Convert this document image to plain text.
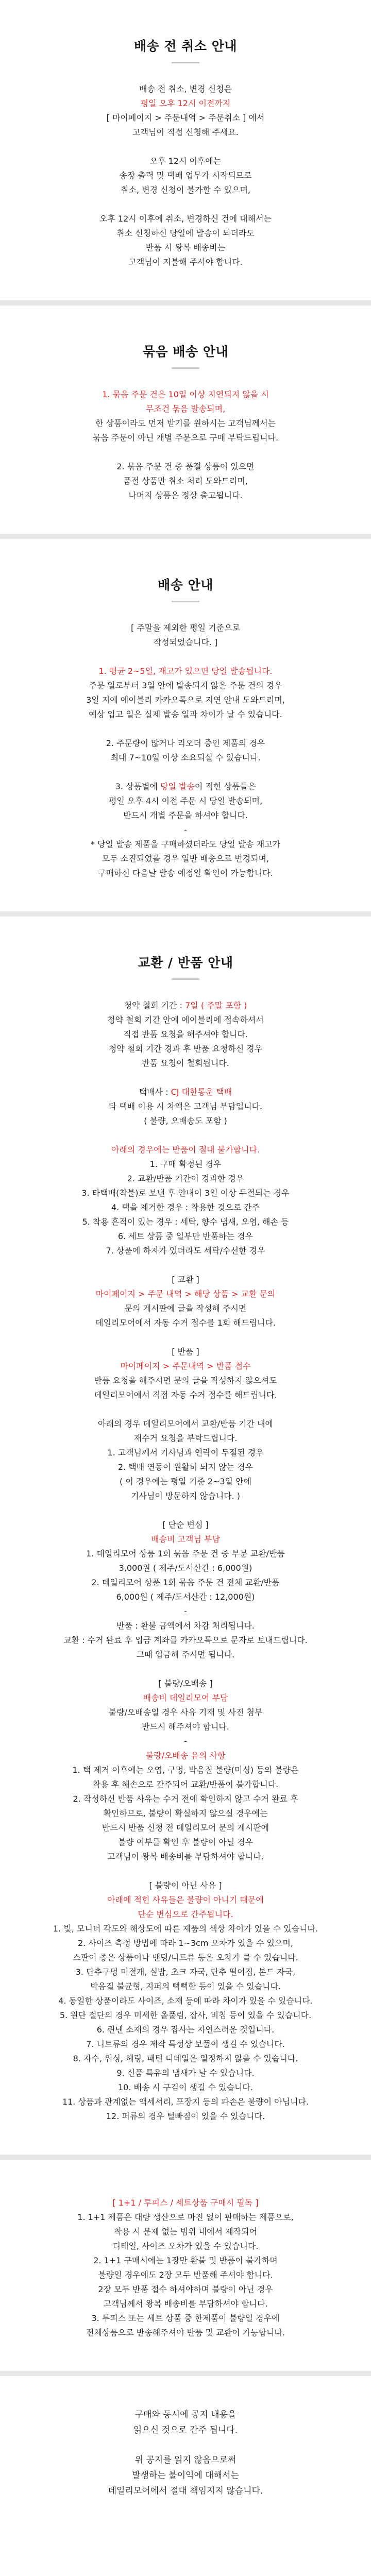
배송 전 취소 안내
배송 전 취소, 변경 신청은
평일 오후 12시 이전까지
[ 마이페이지 > 주문내역 > 주문취소 ] 에서
고객님이 직접 신청해 주세요.
오후 12시 이후에는
송장 출력 및 택배 업무가 시작되므로
취소, 변경 신청이 불가할 수 있으며,
오후 12시 이후에 취소, 변경하신 건에 대해서는
취소 신청하신 당일에 발송이 되더라도
반품 시 왕복 배송비는
고객님이 지불해 주셔야 합니다.
묶음 배송 안내
1. 묶음 주문 건은 10일 이상 지연되지 않을 시
무조건 묶음 발송되며,
한 상품이라도 먼저 받기를 원하시는 고객님께서는
묶음 주문이 아닌 개별 주문으로 구매 부탁드립니다.
2. 묶음 주문 건 중 품절 상품이 있으면
품절 상품만 취소 처리 도와드리며,
나머지 상품은 정상 출고됩니다.
배송 안내
[ 주말을 제외한 평일 기준으로
작성되었습니다. ]
1. 평균 2~5일, 재고가 있으면 당일 발송됩니다.
주문 일로부터 3일 안에 발송되지 않은 주문 건의 경우
3일 지에 에이블리 카카오톡으로 지연 안내 도와드리며,
예상 입고 일은 실제 발송 일과 차이가 날 수 있습니다.
2. 주문량이 많거나 리오더 중인 제품의 경우
최대 7~10일 이상 소요되실 수 있습니다.
3. 상품별에 당일 발송이 적힌 상품들은
평일 오후 4시 이전 주문 시 당일 발송되며,
반드시 개별 주문을 하셔야 합니다.
-
* 당일 발송 제품을 구매하셨더라도 당일 발송 재고가
모두 소진되었을 경우 일반 배송으로 변경되며,
구매하신 다음날 발송 예정일 확인이 가능합니다.
교환 / 반품 안내
청약 철회 기간 : 7일 ( 주말 포함 )
청약 철회 기간 안에 에이블리에 접속하셔서
직접 반품 요청을 해주셔야 합니다.
청약 철회 기간 경과 후 반품 요청하신 경우
반품 요청이 철회됩니다.
택배사 : CJ 대한통운 택배
타 택배 이용 시 차액은 고객님 부담입니다.
( 불량, 오배송도 포함 )
아래의 경우에는 반품이 절대 불가합니다.
1. 구매 확정된 경우
2. 교환/반품 기간이 경과한 경우
3. 타택배(착불)로 보낸 후 안내이 3일 이상 두절되는 경우
4. 택을 제거한 경우 : 착용한 것으로 간주
5. 착용 흔적이 있는 경우 : 세탁, 향수 냄새, 오염, 해손 등
6. 세트 상품 중 일부만 반품하는 경우
7. 상품에 하자가 있더라도 세탁/수선한 경우
[ 교환 ]
마이페이지 > 주문 내역 > 해당 상품 > 교환 문의
문의 게시판에 글을 작성해 주시면
데일리모어에서 자동 수거 접수를 1회 해드립니다.
[ 반품 ]
마이페이지 > 주문내역 > 반품 접수
반품 요청을 해주시면 문의 글을 작성하지 않으셔도
데일리모어에서 직접 자동 수거 접수를 해드립니다.
아래의 경우 데일리모어에서 교환/반품 기간 내에
재수거 요청을 부탁드립니다.
1. 고객님께서 기사님과 연락이 두절된 경우
2. 택배 연동이 원활히 되지 않는 경우
( 이 경우에는 평일 기준 2~3일 안에
기사님이 방문하지 않습니다. )
[ 단순 변심 ]
배송비 고객님 부담
1. 데일리모어 상품 1회 묶음 주문 건 중 부분 교환/반품
3,000원 ( 제주/도서산간 : 6,000원)
2. 데일리모어 상품 1회 묶음 주문 건 전체 교환/반품
6,000원 ( 제주/도서산간 : 12,000원)
-
반품 : 환불 금액에서 차감 처리됩니다.
교환 : 수거 완료 후 입금 계좌를 카카오톡으로 문자로 보내드립니다.
그때 입금해 주시면 됩니다.
[ 불량/오배송 ]
배송비 데일리모어 부담
불량/오배송일 경우 사유 기재 및 사진 첨부
반드시 해주셔야 합니다.
-
불량/오배송 유의 사항
1. 택 제거 이후에는 오염, 구멍, 박음질 불량(미싱) 등의 불량은
착용 후 해손으로 간주되어 교환/반품이 불가합니다.
2. 작성하신 반품 사유는 수거 전에 확인하지 않고 수거 완료 후
확인하므로, 불량이 확실하지 않으실 경우에는
반드시 반품 신청 전 데일리모어 문의 게시판에
불량 여부를 확인 후 불량이 아닐 경우
고객님이 왕복 배송비를 부담하셔야 합니다.
[ 불량이 아닌 사유 ]
아래에 적힌 사유들은 불량이 아니기 때문에
단순 변심으로 간주됩니다.
1. 빛, 모니터 각도와 해상도에 따른 제품의 색상 차이가 있을 수 있습니다.
2. 사이즈 측정 방법에 따라 1~3cm 오차가 있을 수 있으며,
스판이 좋은 상품이나 밴딩/니트류 등은 오차가 클 수 있습니다.
3. 단추구멍 미절개, 실밥, 초크 자국, 단추 떨어짐, 본드 자국,
박음질 불균형, 지퍼의 뻑뻑함 등이 있을 수 있습니다.
4. 동일한 상품이라도 사이즈, 소재 등에 따라 차이가 있을 수 있습니다.
5. 원단 절단의 경우 미세한 올풀림, 잡사, 비침 등이 있을 수 있습니다.
6. 린넨 소재의 경우 잡사는 자연스러운 것입니다.
7. 니트류의 경우 제작 특성상 보풀이 생길 수 있습니다.
8. 자수, 워싱, 헤링, 패턴 디테일은 일정하지 않을 수 있습니다.
9. 신품 특유의 냄새가 날 수 있습니다.
10. 배송 시 구김이 생길 수 있습니다.
11. 상품과 관계없는 액세서리, 포장지 등의 파손은 불량이 아닙니다.
12. 퍼류의 경우 털빠짐이 있을 수 있습니다.
[ 1+1 / 투피스 / 세트상품 구매시 필독 ]
1. 1+1 제품은 대량 생산으로 마진 없이 판매하는 제품으로,
착용 시 문제 없는 범위 내에서 제작되어
디테일, 사이즈 오차가 있을 수 있습니다.
2. 1+1 구매시에는 1장만 환불 및 반품이 불가하며
불량일 경우에도 2장 모두 반품해 주셔야 합니다.
2장 모두 반품 접수 하셔야하며 불량이 아닌 경우
고객님께서 왕복 배송비를 부담하셔야 합니다.
3. 투피스 또는 세트 상품 중 한제품이 불량일 경우에
전체상품으로 반송해주셔야 반품 및 교환이 가능합니다.
구매와 동시에 공지 내용을
읽으신 것으로 간주 됩니다.
위 공지를 읽지 않음으로써
발생하는 불이익에 대해서는
데일리모어에서 절대 책임지지 않습니다.
